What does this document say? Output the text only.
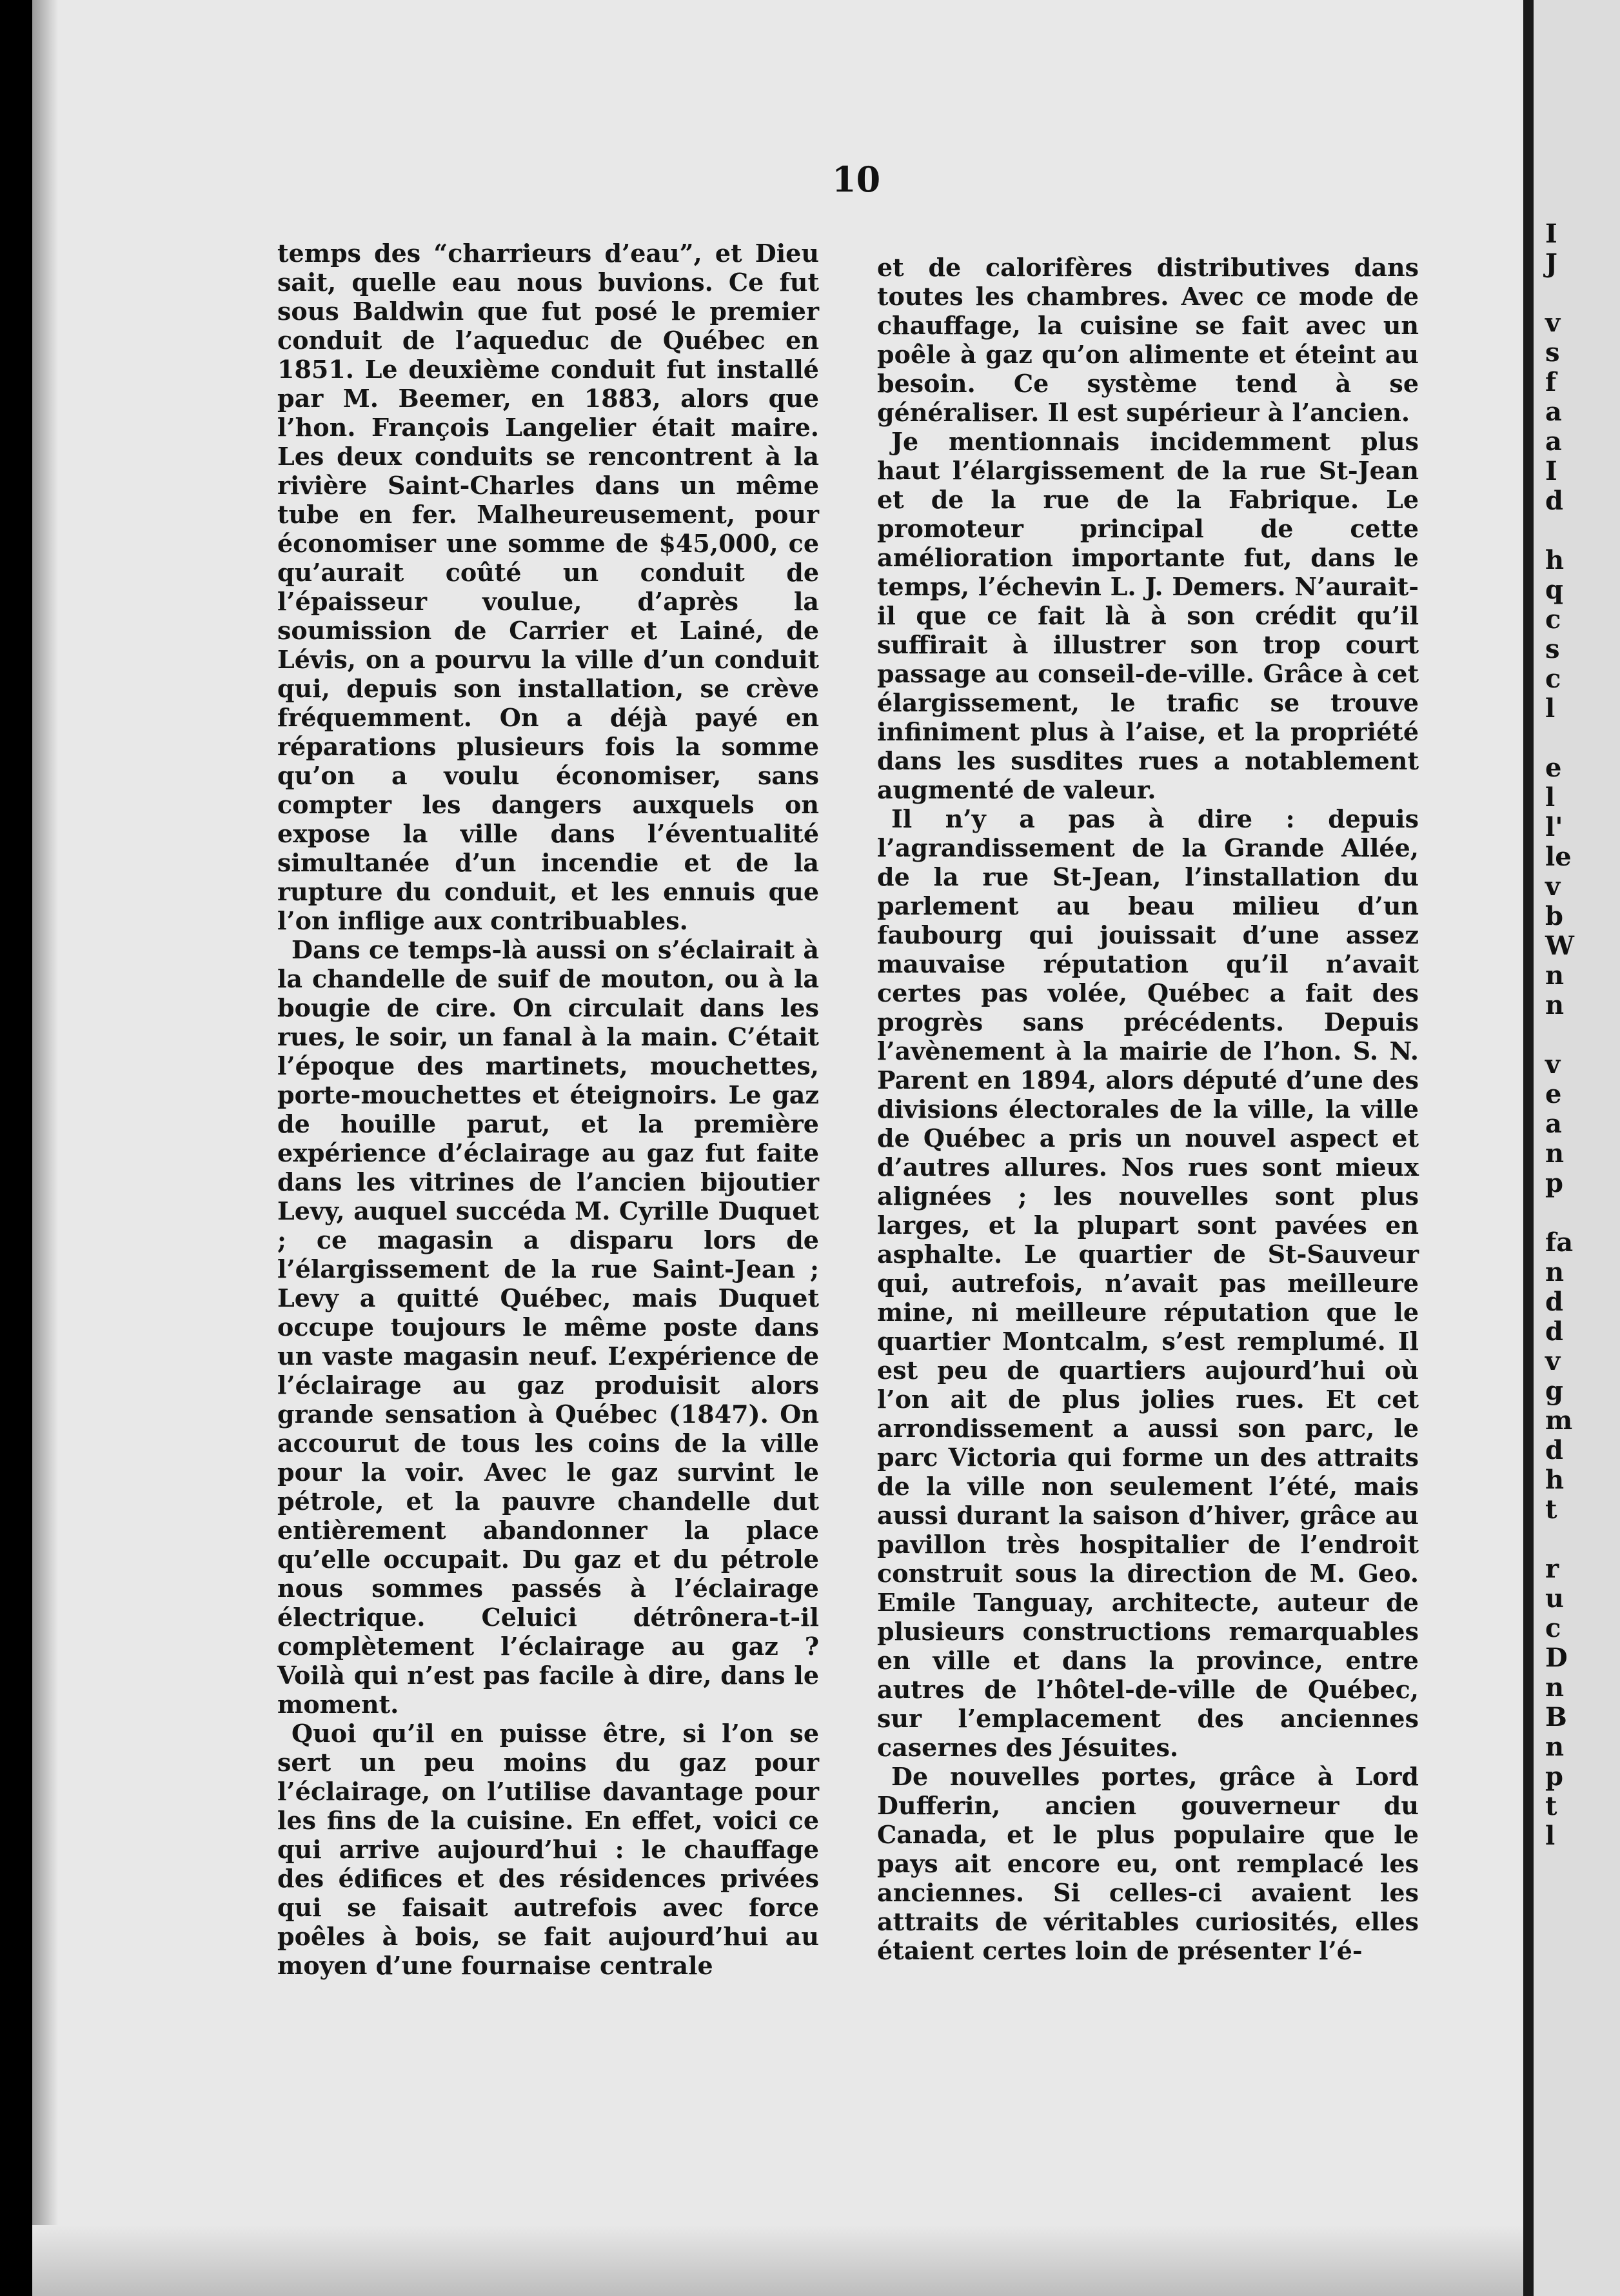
I
J

v
s
f
a
a
I
d

h
q
c
s
c
l

e
l
l'
le
v
b
W
n
n

v
e
a
n
p

fa
n
d
d
v
g
m
d
h
t

r
u
c
D
n
B
n
p
t
l
10

temps des “charrieurs d’eau”, et Dieu sait, quelle eau nous buvions. Ce fut sous Baldwin que fut posé le premier conduit de l’aqueduc de Québec en 1851. Le deuxième conduit fut installé par M. Beemer, en 1883, alors que l’hon. François Langelier était maire. Les deux conduits se rencontrent à la rivière Saint-Charles dans un même tube en fer. Malheureusement, pour économiser une somme de $45,000, ce qu’aurait coûté un conduit de l’épaisseur voulue, d’après la soumission de Carrier et Lainé, de Lévis, on a pourvu la ville d’un conduit qui, depuis son installation, se crève fréquemment. On a déjà payé en réparations plusieurs fois la somme qu’on a voulu économiser, sans compter les dangers auxquels on expose la ville dans l’éventualité simultanée d’un incendie et de la rupture du conduit, et les ennuis que l’on inflige aux contribuables.

Dans ce temps-là aussi on s’éclairait à la chandelle de suif de mouton, ou à la bougie de cire. On circulait dans les rues, le soir, un fanal à la main. C’était l’époque des martinets, mouchettes, porte-mouchettes et éteignoirs. Le gaz de houille parut, et la première expérience d’éclairage au gaz fut faite dans les vitrines de l’ancien bijoutier Levy, auquel succéda M. Cyrille Duquet ; ce magasin a disparu lors de l’élargissement de la rue Saint-Jean ; Levy a quitté Québec, mais Duquet occupe toujours le même poste dans un vaste magasin neuf. L’expérience de l’éclairage au gaz produisit alors grande sensation à Québec (1847). On accourut de tous les coins de la ville pour la voir. Avec le gaz survint le pétrole, et la pauvre chandelle dut entièrement abandonner la place qu’elle occupait. Du gaz et du pétrole nous sommes passés à l’éclairage électrique. Celuici détrônera-t-il complètement l’éclairage au gaz ? Voilà qui n’est pas facile à dire, dans le moment.

Quoi qu’il en puisse être, si l’on se sert un peu moins du gaz pour l’éclairage, on l’utilise davantage pour les fins de la cuisine. En effet, voici ce qui arrive aujourd’hui : le chauffage des édifices et des résidences privées qui se faisait autrefois avec force poêles à bois, se fait aujourd’hui au moyen d’une fournaise centrale

et de calorifères distributives dans toutes les chambres. Avec ce mode de chauffage, la cuisine se fait avec un poêle à gaz qu’on alimente et éteint au besoin. Ce système tend à se généraliser. Il est supérieur à l’ancien.

Je mentionnais incidemment plus haut l’élargissement de la rue St-Jean et de la rue de la Fabrique. Le promoteur principal de cette amélioration importante fut, dans le temps, l’échevin L. J. Demers. N’aurait-il que ce fait là à son crédit qu’il suffirait à illustrer son trop court passage au conseil-de-ville. Grâce à cet élargissement, le trafic se trouve infiniment plus à l’aise, et la propriété dans les susdites rues a notablement augmenté de valeur.

Il n’y a pas à dire : depuis l’agrandissement de la Grande Allée, de la rue St-Jean, l’installation du parlement au beau milieu d’un faubourg qui jouissait d’une assez mauvaise réputation qu’il n’avait certes pas volée, Québec a fait des progrès sans précédents. Depuis l’avènement à la mairie de l’hon. S. N. Parent en 1894, alors député d’une des divisions électorales de la ville, la ville de Québec a pris un nouvel aspect et d’autres allures. Nos rues sont mieux alignées ; les nouvelles sont plus larges, et la plupart sont pavées en asphalte. Le quartier de St-Sauveur qui, autrefois, n’avait pas meilleure mine, ni meilleure réputation que le quartier Montcalm, s’est remplumé. Il est peu de quartiers aujourd’hui où l’on ait de plus jolies rues. Et cet arrondissement a aussi son parc, le parc Victoria qui forme un des attraits de la ville non seulement l’été, mais aussi durant la saison d’hiver, grâce au pavillon très hospitalier de l’endroit construit sous la direction de M. Geo. Emile Tanguay, architecte, auteur de plusieurs constructions remarquables en ville et dans la province, entre autres de l’hôtel-de-ville de Québec, sur l’emplacement des anciennes casernes des Jésuites.

De nouvelles portes, grâce à Lord Dufferin, ancien gouverneur du Canada, et le plus populaire que le pays ait encore eu, ont remplacé les anciennes. Si celles-ci avaient les attraits de véritables curiosités, elles étaient certes loin de présenter l’é-
